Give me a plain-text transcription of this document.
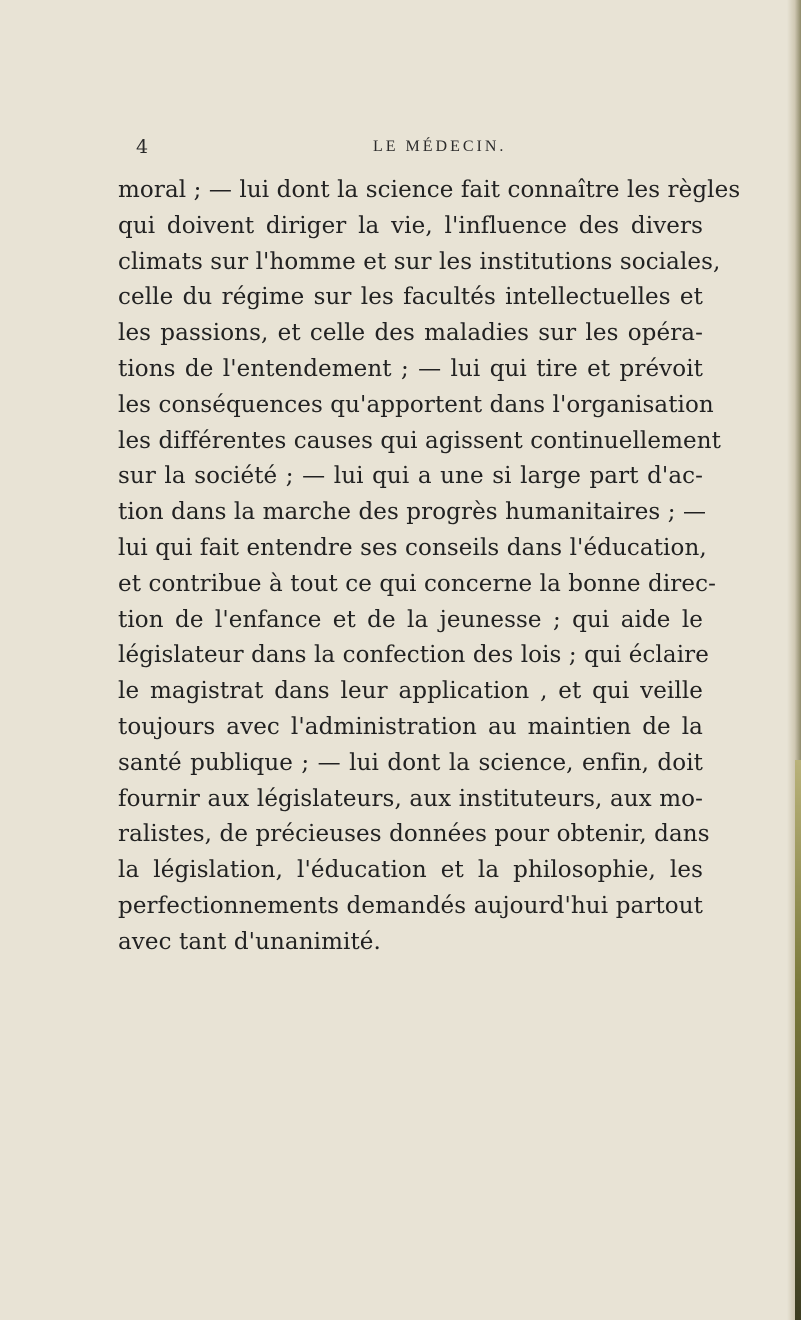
4	LE MÉDECIN.
moral ; — lui dont la science fait connaître les règles
qui doivent diriger la vie, l'influence des divers
climats sur l'homme et sur les institutions sociales,
celle du régime sur les facultés intellectuelles et
les passions, et celle des maladies sur les opéra-
tions de l'entendement ; — lui qui tire et prévoit
les conséquences qu'apportent dans l'organisation
les différentes causes qui agissent continuellement
sur la société ; — lui qui a une si large part d'ac-
tion dans la marche des progrès humanitaires ; —
lui qui fait entendre ses conseils dans l'éducation,
et contribue à tout ce qui concerne la bonne direc-
tion de l'enfance et de la jeunesse ; qui aide le
législateur dans la confection des lois ; qui éclaire
le magistrat dans leur application , et qui veille
toujours avec l'administration au maintien de la
santé publique ; — lui dont la science, enfin, doit
fournir aux législateurs, aux instituteurs, aux mo-
ralistes, de précieuses données pour obtenir, dans
la législation, l'éducation et la philosophie, les
perfectionnements demandés aujourd'hui partout
avec tant d'unanimité.
